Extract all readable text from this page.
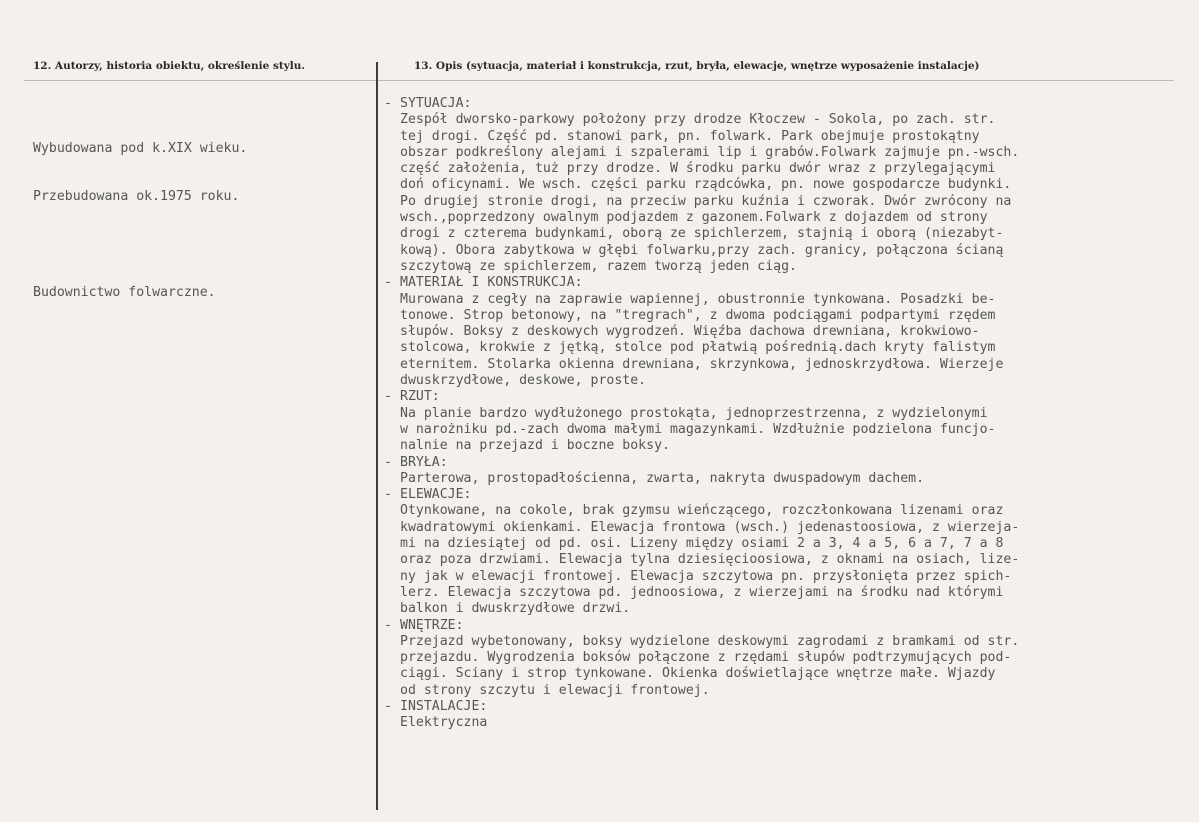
12. Autorzy, historia obiektu, określenie stylu.	13. Opis (sytuacja, materiał i konstrukcja, rzut, bryła, elewacje, wnętrze wyposażenie instalacje)

Wybudowana pod k.XIX wieku.

Przebudowana ok.1975 roku.

Budownictwo folwarczne.

- SYTUACJA:
Zespół dworsko-parkowy położony przy drodze Kłoczew - Sokola, po zach. str.
tej drogi. Część pd. stanowi park, pn. folwark. Park obejmuje prostokątny
obszar podkreślony alejami i szpalerami lip i grabów.Folwark zajmuje pn.-wsch.
część założenia, tuż przy drodze. W środku parku dwór wraz z przylegającymi
doń oficynami. We wsch. części parku rządcówka, pn. nowe gospodarcze budynki.
Po drugiej stronie drogi, na przeciw parku kuźnia i czworak. Dwór zwrócony na
wsch.,poprzedzony owalnym podjazdem z gazonem.Folwark z dojazdem od strony
drogi z czterema budynkami, oborą ze spichlerzem, stajnią i oborą (niezabyt-
kową). Obora zabytkowa w głębi folwarku,przy zach. granicy, połączona ścianą
szczytową ze spichlerzem, razem tworzą jeden ciąg.
- MATERIAŁ I KONSTRUKCJA:
Murowana z cegły na zaprawie wapiennej, obustronnie tynkowana. Posadzki be-
tonowe. Strop betonowy, na "tregrach", z dwoma podciągami podpartymi rzędem
słupów. Boksy z deskowych wygrodzeń. Więźba dachowa drewniana, krokwiowo-
stolcowa, krokwie z jętką, stolce pod płatwią pośrednią.dach kryty falistym
eternitem. Stolarka okienna drewniana, skrzynkowa, jednoskrzydłowa. Wierzeje
dwuskrzydłowe, deskowe, proste.
- RZUT:
Na planie bardzo wydłużonego prostokąta, jednoprzestrzenna, z wydzielonymi
w narożniku pd.-zach dwoma małymi magazynkami. Wzdłużnie podzielona funcjo-
nalnie na przejazd i boczne boksy.
- BRYŁA:
Parterowa, prostopadłościenna, zwarta, nakryta dwuspadowym dachem.
- ELEWACJE:
Otynkowane, na cokole, brak gzymsu wieńczącego, rozczłonkowana lizenami oraz
kwadratowymi okienkami. Elewacja frontowa (wsch.) jedenastoosiowa, z wierzeja-
mi na dziesiątej od pd. osi. Lizeny między osiami 2 a 3, 4 a 5, 6 a 7, 7 a 8
oraz poza drzwiami. Elewacja tylna dziesięcioosiowa, z oknami na osiach, lize-
ny jak w elewacji frontowej. Elewacja szczytowa pn. przysłonięta przez spich-
lerz. Elewacja szczytowa pd. jednoosiowa, z wierzejami na środku nad którymi
balkon i dwuskrzydłowe drzwi.
- WNĘTRZE:
Przejazd wybetonowany, boksy wydzielone deskowymi zagrodami z bramkami od str.
przejazdu. Wygrodzenia boksów połączone z rzędami słupów podtrzymujących pod-
ciągi. Sciany i strop tynkowane. Okienka doświetlające wnętrze małe. Wjazdy
od strony szczytu i elewacji frontowej.
- INSTALACJE:
Elektryczna
